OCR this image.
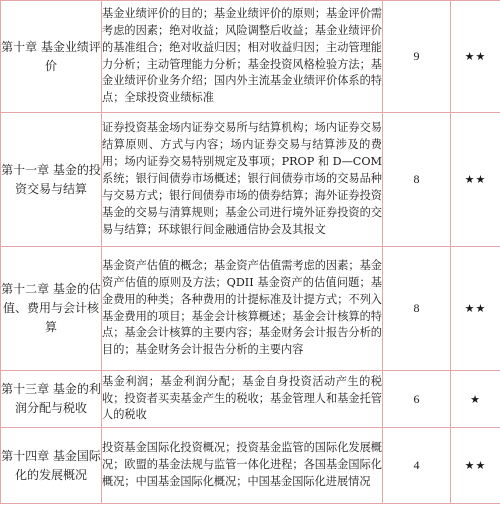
第十章 基金业绩评价	基金业绩评价的目的；基金业绩评价的原则；基金评价需考虑的因素；绝对收益；风险调整后收益；基金业绩评价的基准组合；绝对收益归因；相对收益归因；主动管理能力分析；主动管理能力分析；基金投资风格检验方法；基金业绩评价业务介绍；国内外主流基金业绩评价体系的特点；全球投资业绩标准	9	★★

第十一章 基金的投资交易与结算	证券投资基金场内证券交易所与结算机构；场内证券交易结算原则、方式与内容；场内证券交易与结算涉及的费用；场内证券交易特别规定及事项；PROP 和 D—COM 系统；银行间债券市场概述；银行间债券市场的交易品种与交易方式；银行间债券市场的债券结算；海外证券投资基金的交易与清算规则；基金公司进行境外证券投资的交易与结算；环球银行间金融通信协会及其报文	8	★★

第十二章 基金的估值、费用与会计核算	基金资产估值的概念；基金资产估值需考虑的因素；基金资产估值的原则及方法；QDII 基金资产的估值问题；基金费用的种类；各种费用的计提标准及计提方式；不列入基金费用的项目；基金会计核算概述；基金会计核算的特点；基金会计核算的主要内容；基金财务会计报告分析的目的；基金财务会计报告分析的主要内容	8	★★

第十三章 基金的利润分配与税收	基金利润；基金利润分配；基金自身投资活动产生的税收；投资者买卖基金产生的税收；基金管理人和基金托管人的税收	6	★

第十四章 基金国际化的发展概况	投资基金国际化投资概况；投资基金监管的国际化发展概况；欧盟的基金法规与监管一体化进程；各国基金国际化概况；中国基金国际化概况；中国基金国际化进展情况	4	★★
